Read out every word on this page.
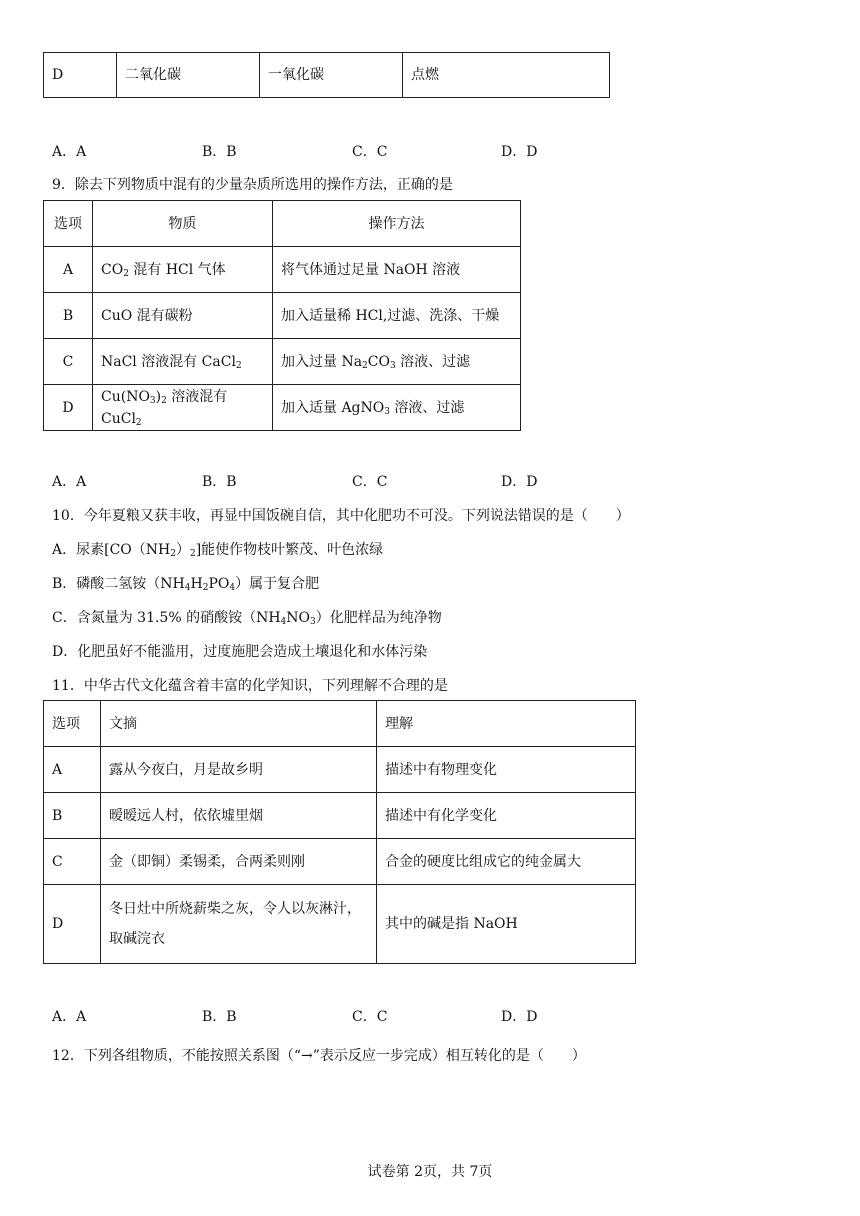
D	二氧化碳	一氧化碳	点燃
A．A	B．B	C．C	D．D
9．除去下列物质中混有的少量杂质所选用的操作方法，正确的是
选项	物质	操作方法
A	$CO_2$ 混有 HCl 气体	将气体通过足量 NaOH 溶液
B	CuO 混有碳粉	加入适量稀 HCl,过滤、洗涤、干燥
C	NaCl 溶液混有 CaCl$_2$	加入过量 $Na_2CO_3$ 溶液、过滤
D	$Cu(NO_3)_2$ 溶液混有 CuCl$_2$	加入适量 AgNO$_3$ 溶液、过滤
A．A	B．B	C．C	D．D
10．今年夏粮又获丰收，再显中国饭碗自信，其中化肥功不可没。下列说法错误的是（　　）
A．尿素$[CO(NH_2)_2]$能使作物枝叶繁茂、叶色浓绿
B．磷酸二氢铵$(NH_4H_2PO_4)$属于复合肥
C．含氮量为 31.5% 的硝酸铵$(NH_4NO_3)$化肥样品为纯净物
D．化肥虽好不能滥用，过度施肥会造成土壤退化和水体污染
11．中华古代文化蕴含着丰富的化学知识，下列理解不合理的是
选项	文摘	理解
A	露从今夜白，月是故乡明	描述中有物理变化
B	暧暧远人村，依依墟里烟	描述中有化学变化
C	金（即铜）柔锡柔，合两柔则刚	合金的硬度比组成它的纯金属大
D	冬日灶中所烧薪柴之灰，令人以灰淋汁，取碱浣衣	其中的碱是指 NaOH
A．A	B．B	C．C	D．D
12．下列各组物质，不能按照关系图（“→”表示反应一步完成）相互转化的是（　　）
试卷第 2页，共 7页
